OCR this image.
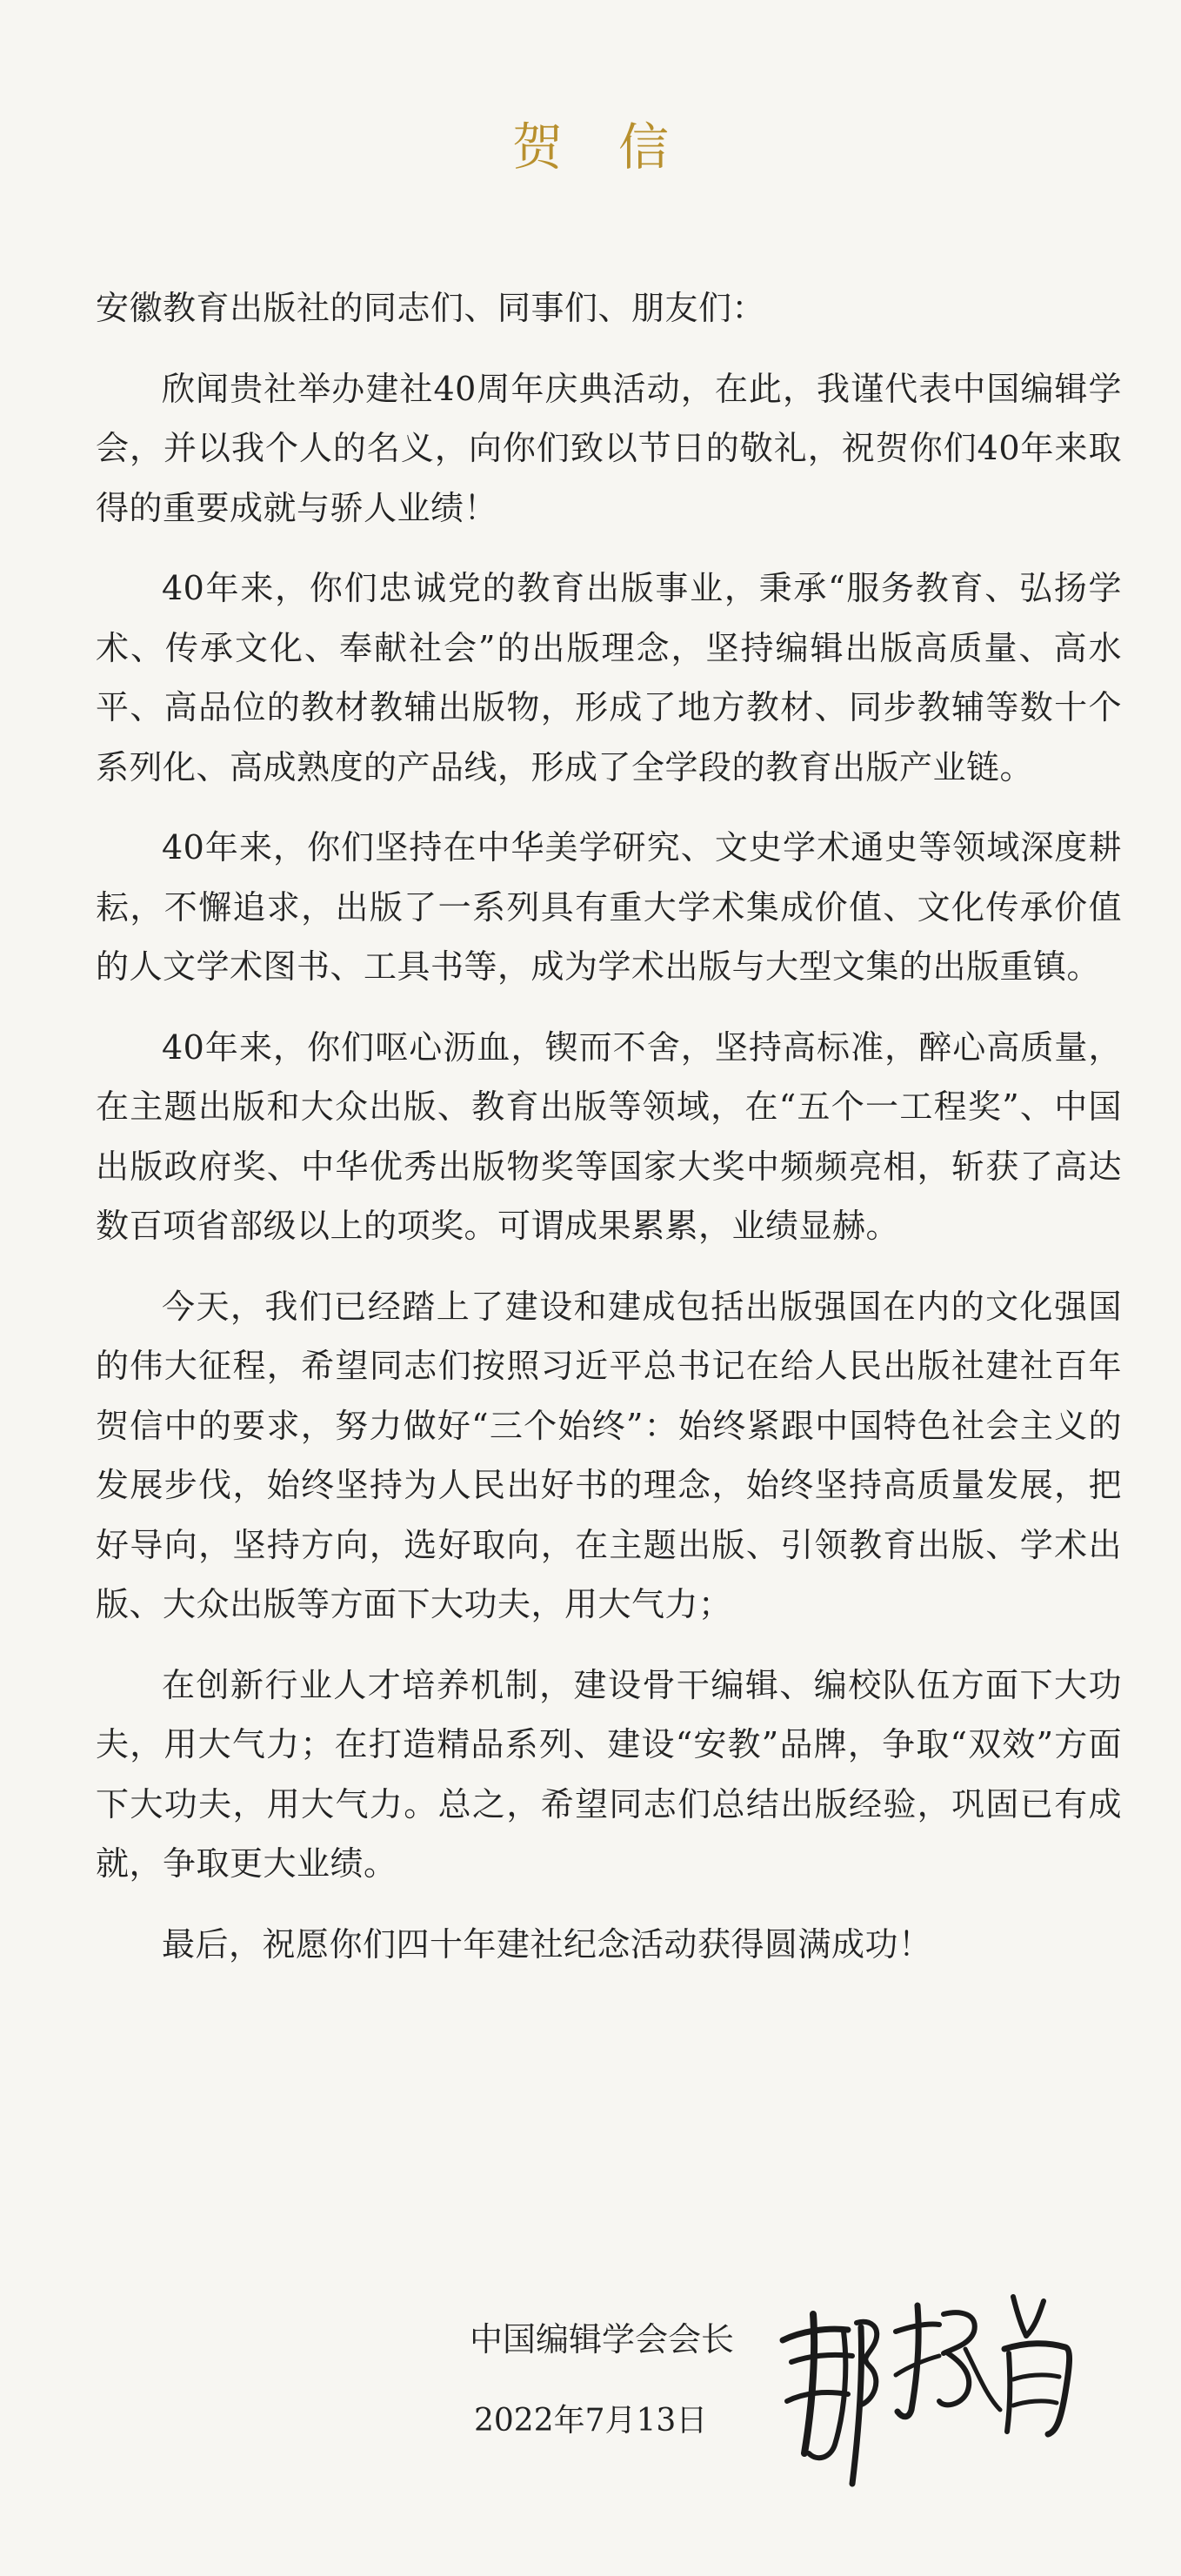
贺信

安徽教育出版社的同志们、同事们、朋友们：

欣闻贵社举办建社40周年庆典活动，在此，我谨代表中国编辑学会，并以我个人的名义，向你们致以节日的敬礼，祝贺你们40年来取得的重要成就与骄人业绩！

40年来，你们忠诚党的教育出版事业，秉承“服务教育、弘扬学术、传承文化、奉献社会”的出版理念，坚持编辑出版高质量、高水平、高品位的教材教辅出版物，形成了地方教材、同步教辅等数十个系列化、高成熟度的产品线，形成了全学段的教育出版产业链。

40年来，你们坚持在中华美学研究、文史学术通史等领域深度耕耘，不懈追求，出版了一系列具有重大学术集成价值、文化传承价值的人文学术图书、工具书等，成为学术出版与大型文集的出版重镇。

40年来，你们呕心沥血，锲而不舍，坚持高标准，醉心高质量，在主题出版和大众出版、教育出版等领域，在“五个一工程奖”、中国出版政府奖、中华优秀出版物奖等国家大奖中频频亮相，斩获了高达数百项省部级以上的项奖。可谓成果累累，业绩显赫。

今天，我们已经踏上了建设和建成包括出版强国在内的文化强国的伟大征程，希望同志们按照习近平总书记在给人民出版社建社百年贺信中的要求，努力做好“三个始终”：始终紧跟中国特色社会主义的发展步伐，始终坚持为人民出好书的理念，始终坚持高质量发展，把好导向，坚持方向，选好取向，在主题出版、引领教育出版、学术出版、大众出版等方面下大功夫，用大气力；

在创新行业人才培养机制，建设骨干编辑、编校队伍方面下大功夫，用大气力；在打造精品系列、建设“安教”品牌，争取“双效”方面下大功夫，用大气力。总之，希望同志们总结出版经验，巩固已有成就，争取更大业绩。

最后，祝愿你们四十年建社纪念活动获得圆满成功！

中国编辑学会会长
2022年7月13日
